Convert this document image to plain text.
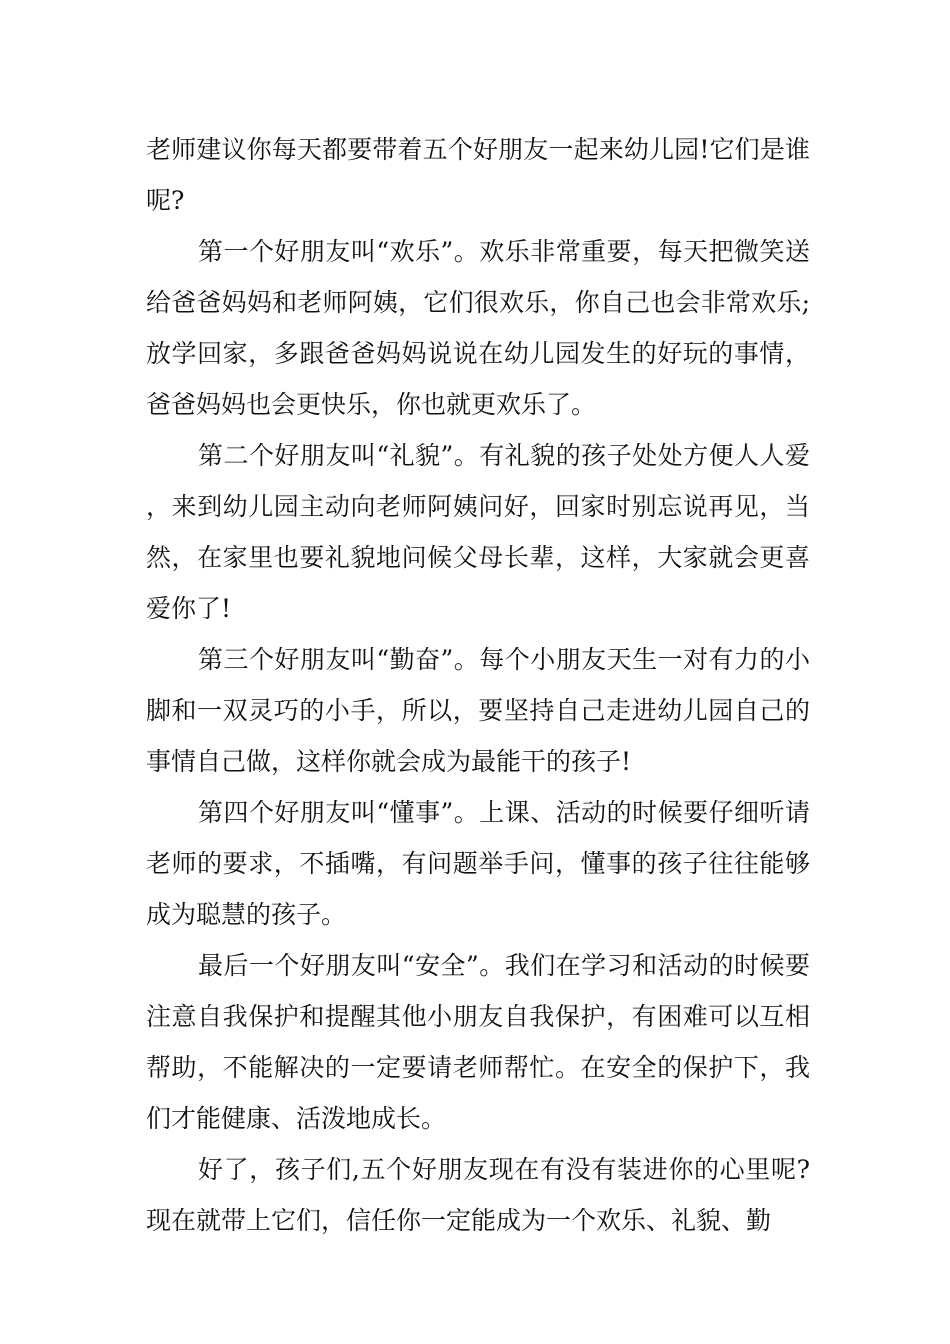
老师建议你每天都要带着五个好朋友一起来幼儿园!它们是谁呢?

第一个好朋友叫“欢乐”。欢乐非常重要，每天把微笑送给爸爸妈妈和老师阿姨，它们很欢乐，你自己也会非常欢乐;放学回家，多跟爸爸妈妈说说在幼儿园发生的好玩的事情，爸爸妈妈也会更快乐，你也就更欢乐了。

第二个好朋友叫“礼貌”。有礼貌的孩子处处方便人人爱，来到幼儿园主动向老师阿姨问好，回家时别忘说再见，当然，在家里也要礼貌地问候父母长辈，这样，大家就会更喜爱你了!

第三个好朋友叫“勤奋”。每个小朋友天生一对有力的小脚和一双灵巧的小手，所以，要坚持自己走进幼儿园自己的事情自己做，这样你就会成为最能干的孩子!

第四个好朋友叫“懂事”。上课、活动的时候要仔细听请老师的要求，不插嘴，有问题举手问，懂事的孩子往往能够成为聪慧的孩子。

最后一个好朋友叫“安全”。我们在学习和活动的时候要注意自我保护和提醒其他小朋友自我保护，有困难可以互相帮助，不能解决的一定要请老师帮忙。在安全的保护下，我们才能健康、活泼地成长。

好了，孩子们,五个好朋友现在有没有装进你的心里呢?现在就带上它们，信任你一定能成为一个欢乐、礼貌、勤
